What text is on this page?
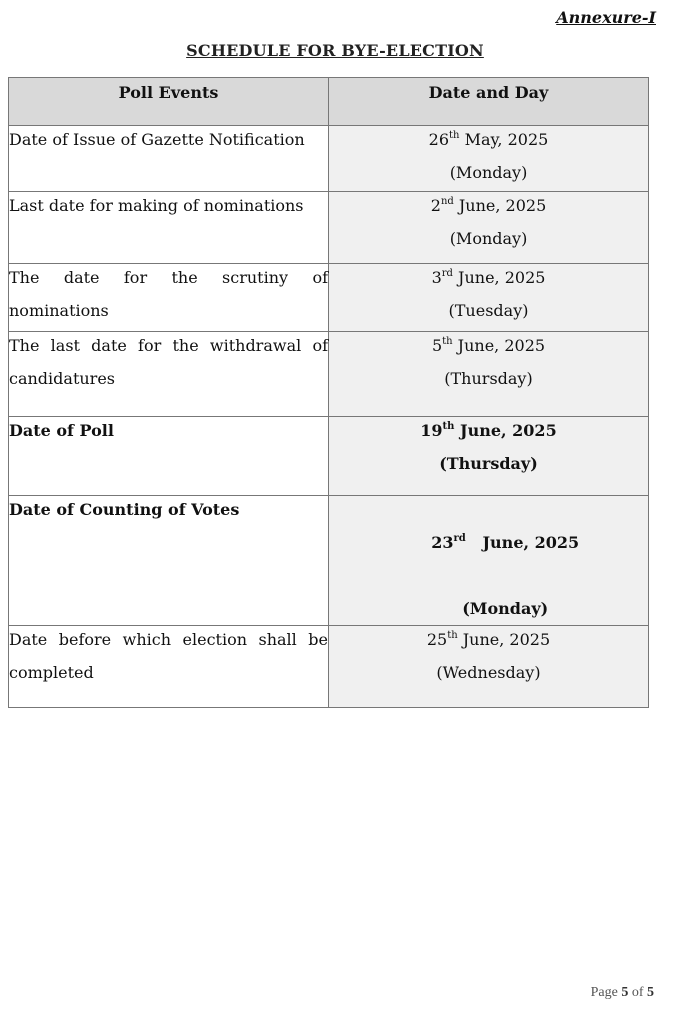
Annexure-I
SCHEDULE FOR BYE-ELECTION
Poll Events	Date and Day

Date of Issue of Gazette Notification	26th May, 2025
(Monday)

Last date for making of nominations	2nd June, 2025
(Monday)

The date for the scrutiny of nominations	3rd June, 2025
(Tuesday)

The last date for the withdrawal of candidatures	5th June, 2025
(Thursday)

Date of Poll	19th June, 2025
(Thursday)

Date of Counting of Votes	23rd   June, 2025

(Monday)

Date before which election shall be completed	25th June, 2025
(Wednesday)
Page 5 of 5
